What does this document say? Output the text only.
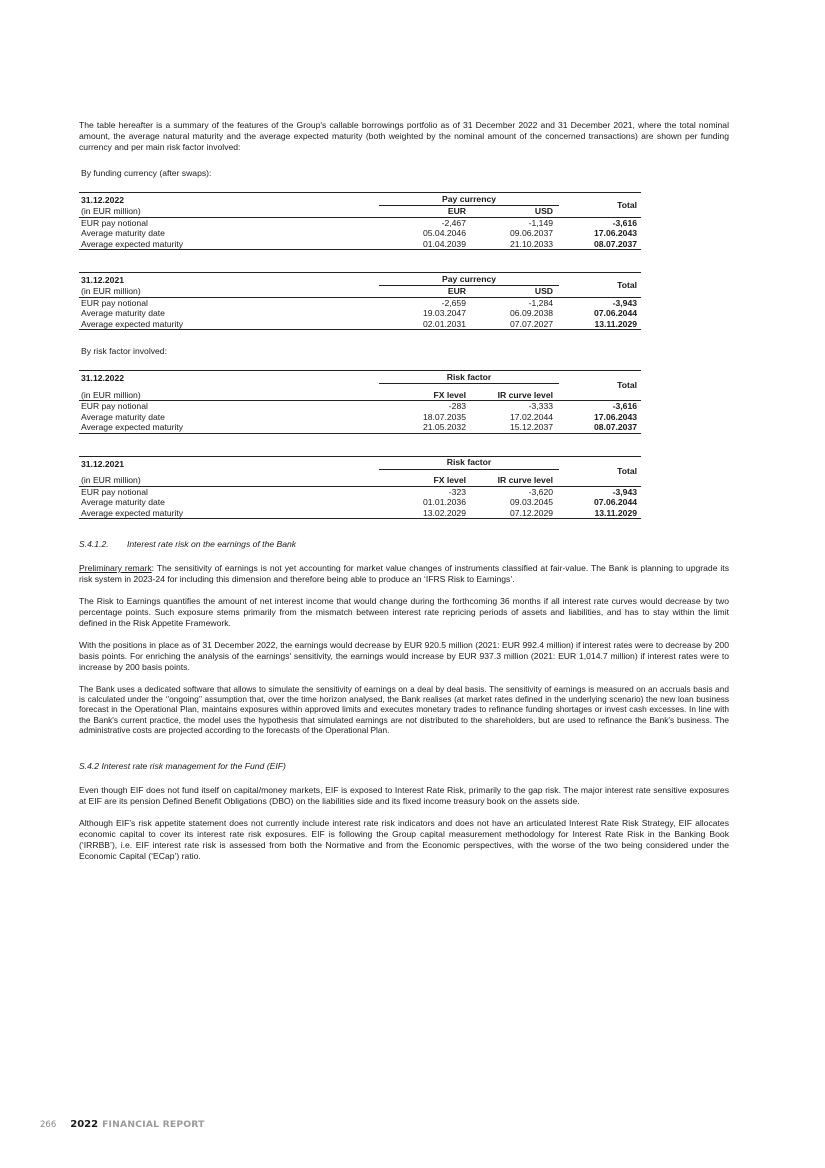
The table hereafter is a summary of the features of the Group's callable borrowings portfolio as of 31 December 2022 and 31 December 2021, where the total nominal amount, the average natural maturity and the average expected maturity (both weighted by the nominal amount of the concerned transactions) are shown per funding currency and per main risk factor involved:

By funding currency (after swaps):

31.12.2022	Pay currency		Total
(in EUR million)	EUR	USD	
EUR pay notional	-2,467	-1,149	-3,616
Average maturity date	05.04.2046	09.06.2037	17.06.2043
Average expected maturity	01.04.2039	21.10.2033	08.07.2037
31.12.2021	Pay currency		Total
(in EUR million)	EUR	USD	
EUR pay notional	-2,659	-1,284	-3,943
Average maturity date	19.03.2047	06.09.2038	07.06.2044
Average expected maturity	02.01.2031	07.07.2027	13.11.2029

By risk factor involved:

31.12.2022	Risk factor		Total
(in EUR million)	FX level	IR curve level	
EUR pay notional	-283	-3,333	-3,616
Average maturity date	18.07.2035	17.02.2044	17.06.2043
Average expected maturity	21.05.2032	15.12.2037	08.07.2037
31.12.2021	Risk factor		Total
(in EUR million)	FX level	IR curve level	
EUR pay notional	-323	-3,620	-3,943
Average maturity date	01.01.2036	09.03.2045	07.06.2044
Average expected maturity	13.02.2029	07.12.2029	13.11.2029

S.4.1.2. Interest rate risk on the earnings of the Bank

Preliminary remark: The sensitivity of earnings is not yet accounting for market value changes of instruments classified at fair-value. The Bank is planning to upgrade its risk system in 2023-24 for including this dimension and therefore being able to produce an ‘IFRS Risk to Earnings’.

The Risk to Earnings quantifies the amount of net interest income that would change during the forthcoming 36 months if all interest rate curves would decrease by two percentage points. Such exposure stems primarily from the mismatch between interest rate repricing periods of assets and liabilities, and has to stay within the limit defined in the Risk Appetite Framework.

With the positions in place as of 31 December 2022, the earnings would decrease by EUR 920.5 million (2021: EUR 992.4 million) if interest rates were to decrease by 200 basis points. For enriching the analysis of the earnings' sensitivity, the earnings would increase by EUR 937.3 million (2021: EUR 1,014.7 million) if interest rates were to increase by 200 basis points.

The Bank uses a dedicated software that allows to simulate the sensitivity of earnings on a deal by deal basis. The sensitivity of earnings is measured on an accruals basis and is calculated under the ‘’ongoing’’ assumption that, over the time horizon analysed, the Bank realises (at market rates defined in the underlying scenario) the new loan business forecast in the Operational Plan, maintains exposures within approved limits and executes monetary trades to refinance funding shortages or invest cash excesses. In line with the Bank's current practice, the model uses the hypothesis that simulated earnings are not distributed to the shareholders, but are used to refinance the Bank's business. The administrative costs are projected according to the forecasts of the Operational Plan.

S.4.2 Interest rate risk management for the Fund (EIF)

Even though EIF does not fund itself on capital/money markets, EIF is exposed to Interest Rate Risk, primarily to the gap risk. The major interest rate sensitive exposures at EIF are its pension Defined Benefit Obligations (DBO) on the liabilities side and its fixed income treasury book on the assets side.

Although EIF's risk appetite statement does not currently include interest rate risk indicators and does not have an articulated Interest Rate Risk Strategy, EIF allocates economic capital to cover its interest rate risk exposures. EIF is following the Group capital measurement methodology for Interest Rate Risk in the Banking Book (‘IRRBB’), i.e. EIF interest rate risk is assessed from both the Normative and from the Economic perspectives, with the worse of the two being considered under the Economic Capital (‘ECap’) ratio.

266 2022 FINANCIAL REPORT
